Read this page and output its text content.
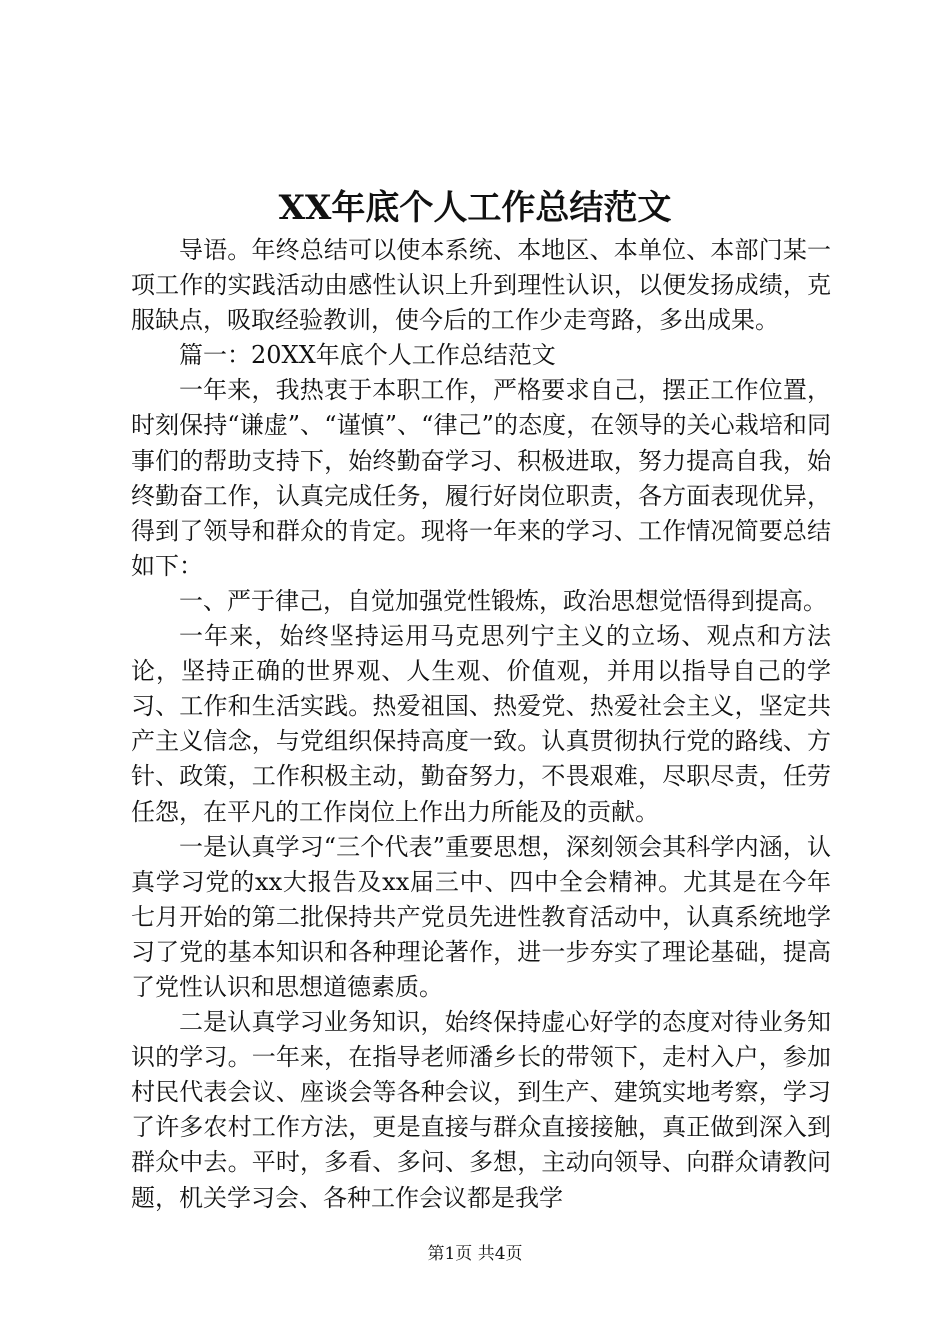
XX年底个人工作总结范文

导语。年终总结可以使本系统、本地区、本单位、本部门某一项工作的实践活动由感性认识上升到理性认识，以便发扬成绩，克服缺点，吸取经验教训，使今后的工作少走弯路，多出成果。

篇一：20XX年底个人工作总结范文

一年来，我热衷于本职工作，严格要求自己，摆正工作位置，时刻保持“谦虚”、“谨慎”、“律己”的态度，在领导的关心栽培和同事们的帮助支持下，始终勤奋学习、积极进取，努力提高自我，始终勤奋工作，认真完成任务，履行好岗位职责，各方面表现优异，得到了领导和群众的肯定。现将一年来的学习、工作情况简要总结如下：

一、严于律己，自觉加强党性锻炼，政治思想觉悟得到提高。

一年来，始终坚持运用马克思列宁主义的立场、观点和方法论，坚持正确的世界观、人生观、价值观，并用以指导自己的学习、工作和生活实践。热爱祖国、热爱党、热爱社会主义，坚定共产主义信念，与党组织保持高度一致。认真贯彻执行党的路线、方针、政策，工作积极主动，勤奋努力，不畏艰难，尽职尽责，任劳任怨，在平凡的工作岗位上作出力所能及的贡献。

一是认真学习“三个代表”重要思想，深刻领会其科学内涵，认真学习党的xx大报告及xx届三中、四中全会精神。尤其是在今年七月开始的第二批保持共产党员先进性教育活动中，认真系统地学习了党的基本知识和各种理论著作，进一步夯实了理论基础，提高了党性认识和思想道德素质。

二是认真学习业务知识，始终保持虚心好学的态度对待业务知识的学习。一年来，在指导老师潘乡长的带领下，走村入户，参加村民代表会议、座谈会等各种会议，到生产、建筑实地考察，学习了许多农村工作方法，更是直接与群众直接接触，真正做到深入到群众中去。平时，多看、多问、多想，主动向领导、向群众请教问题，机关学习会、各种工作会议都是我学

第1页 共4页
